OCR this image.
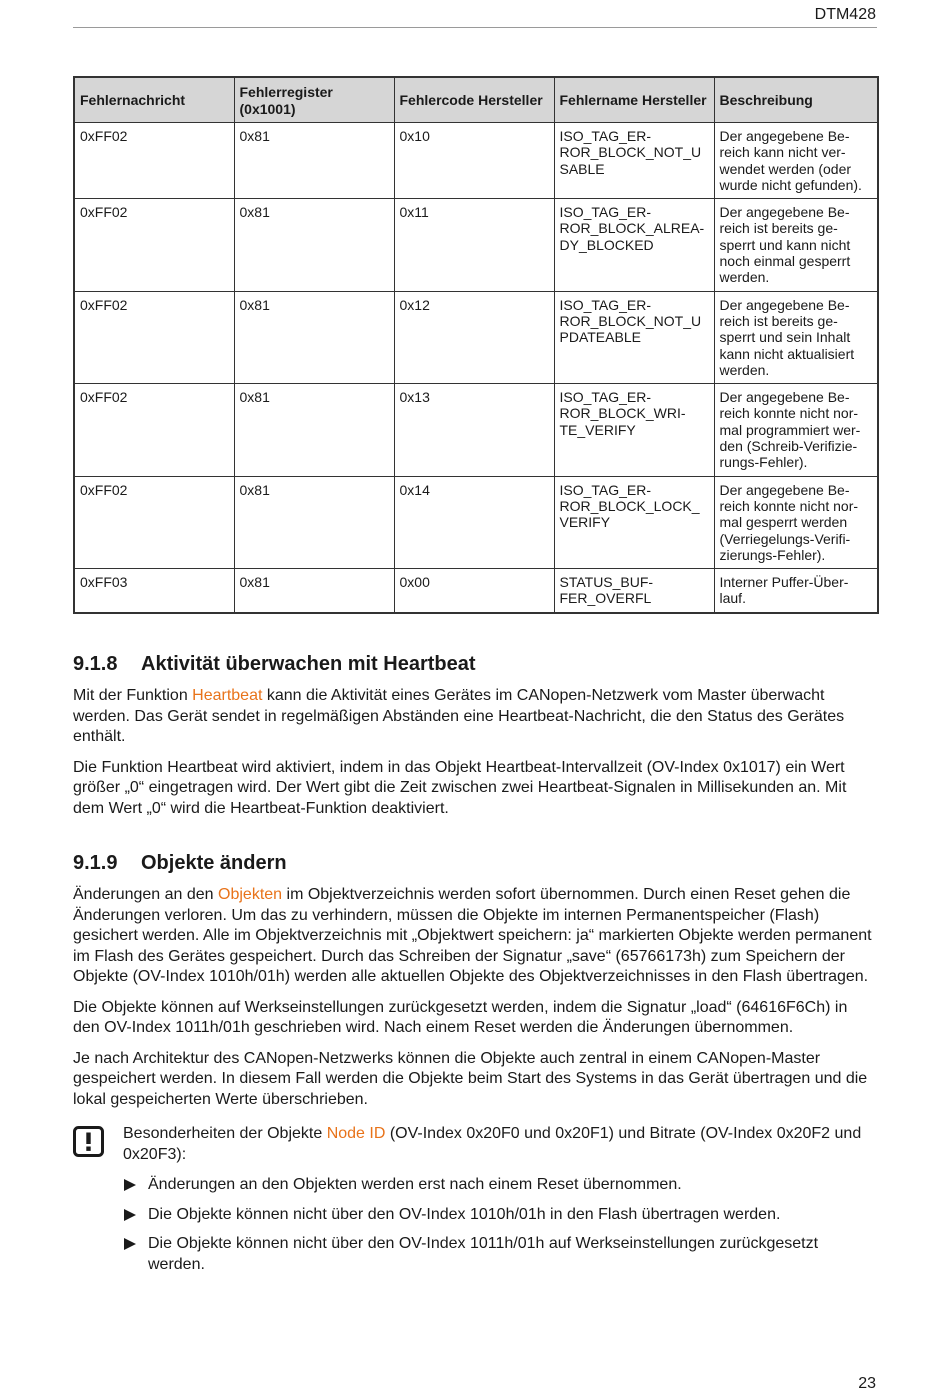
DTM428
Fehlernachricht	Fehlerregister (0x1001)	Fehlercode Hersteller	Fehlername Hersteller	Beschreibung
0xFF02	0x81	0x10	ISO_TAG_ER-
ROR_BLOCK_NOT_U
SABLE	Der angegebene Be-
reich kann nicht ver-
wendet werden (oder
wurde nicht gefunden).
0xFF02	0x81	0x11	ISO_TAG_ER-
ROR_BLOCK_ALREA-
DY_BLOCKED	Der angegebene Be-
reich ist bereits ge-
sperrt und kann nicht
noch einmal gesperrt
werden.
0xFF02	0x81	0x12	ISO_TAG_ER-
ROR_BLOCK_NOT_U
PDATEABLE	Der angegebene Be-
reich ist bereits ge-
sperrt und sein Inhalt
kann nicht aktualisiert
werden.
0xFF02	0x81	0x13	ISO_TAG_ER-
ROR_BLOCK_WRI-
TE_VERIFY	Der angegebene Be-
reich konnte nicht nor-
mal programmiert wer-
den (Schreib-Verifizie-
rungs-Fehler).
0xFF02	0x81	0x14	ISO_TAG_ER-
ROR_BLOCK_LOCK_
VERIFY	Der angegebene Be-
reich konnte nicht nor-
mal gesperrt werden
(Verriegelungs-Verifi-
zierungs-Fehler).
0xFF03	0x81	0x00	STATUS_BUF-
FER_OVERFL	Interner Puffer-Über-
lauf.
9.1.8 Aktivität überwachen mit Heartbeat

Mit der Funktion Heartbeat kann die Aktivität eines Gerätes im CANopen-Netzwerk vom Master überwacht werden. Das Gerät sendet in regelmäßigen Abständen eine Heartbeat-Nachricht, die den Status des Gerätes enthält.

Die Funktion Heartbeat wird aktiviert, indem in das Objekt Heartbeat-Intervallzeit (OV-Index 0x1017) ein Wert größer „0“ eingetragen wird. Der Wert gibt die Zeit zwischen zwei Heartbeat-Signalen in Millisekunden an. Mit dem Wert „0“ wird die Heartbeat-Funktion deaktiviert.

9.1.9 Objekte ändern

Änderungen an den Objekten im Objektverzeichnis werden sofort übernommen. Durch einen Reset gehen die Änderungen verloren. Um das zu verhindern, müssen die Objekte im internen Permanentspeicher (Flash) gesichert werden. Alle im Objektverzeichnis mit „Objektwert speichern: ja“ markierten Objekte werden permanent im Flash des Gerätes gespeichert. Durch das Schreiben der Signatur „save“ (65766173h) zum Speichern der Objekte (OV-Index 1010h/01h) werden alle aktuellen Objekte des Objektverzeichnisses in den Flash übertragen.

Die Objekte können auf Werkseinstellungen zurückgesetzt werden, indem die Signatur „load“ (64616F6Ch) in den OV-Index 1011h/01h geschrieben wird. Nach einem Reset werden die Änderungen übernommen.

Je nach Architektur des CANopen-Netzwerks können die Objekte auch zentral in einem CANopen-Master gespeichert werden. In diesem Fall werden die Objekte beim Start des Systems in das Gerät übertragen und die lokal gespeicherten Werte überschrieben.

Besonderheiten der Objekte Node ID (OV-Index 0x20F0 und 0x20F1) und Bitrate (OV-Index 0x20F2 und 0x20F3):

Änderungen an den Objekten werden erst nach einem Reset übernommen.
Die Objekte können nicht über den OV-Index 1010h/01h in den Flash übertragen werden.
Die Objekte können nicht über den OV-Index 1011h/01h auf Werkseinstellungen zurückgesetzt werden.
23
